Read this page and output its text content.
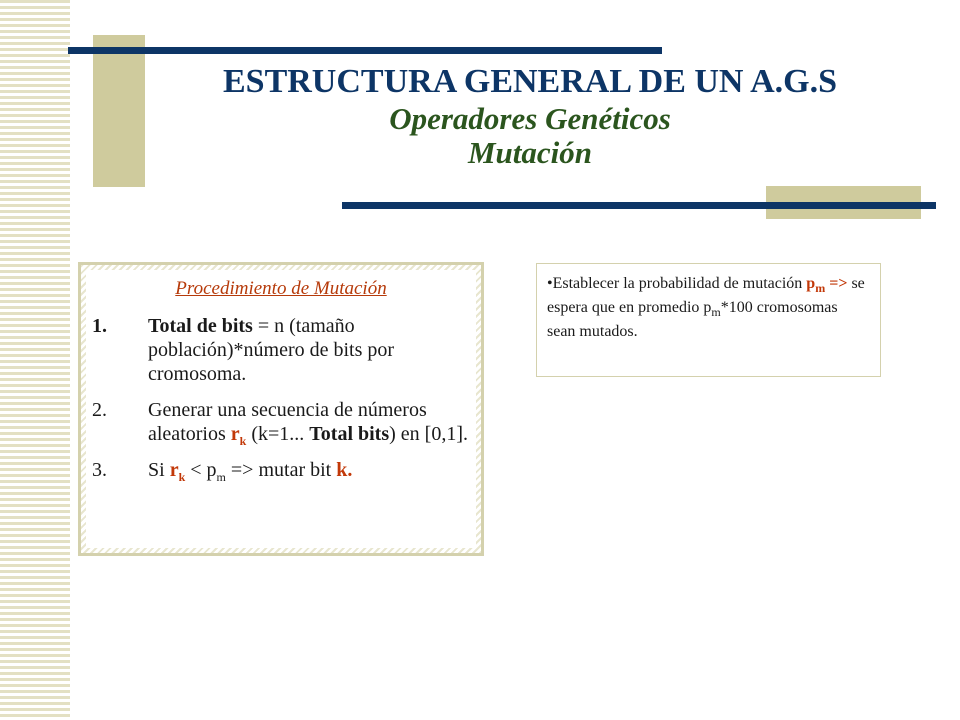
ESTRUCTURA GENERAL DE UN A.G.S
Operadores Genéticos
Mutación
Procedimiento de Mutación
1. Total de bits = n (tamaño población)*número de bits por cromosoma.
2. Generar una secuencia de números aleatorios $r_k$ (k=1... Total bits) en [0,1].
3. Si $r_k < p_m$ => mutar bit k.
•Establecer la probabilidad de mutación $p_m$ => se espera que en promedio $p_m*100$ cromosomas sean mutados.
